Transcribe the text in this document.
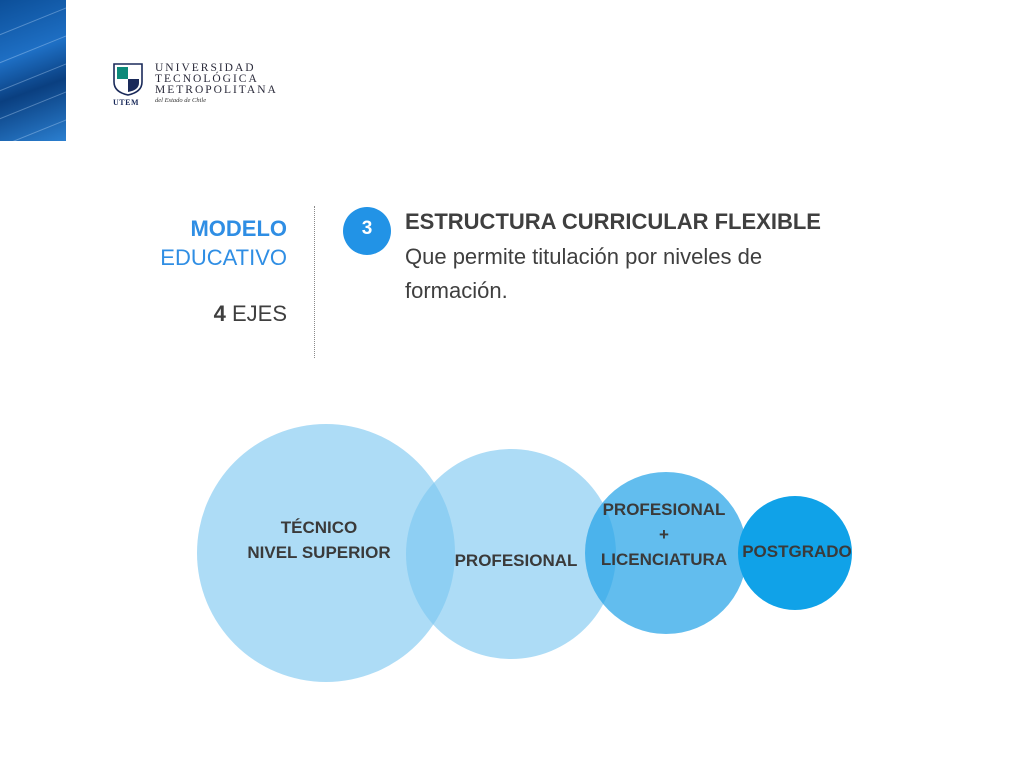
UTEM
UNIVERSIDAD
TECNOLÓGICA
METROPOLITANA
del Estado de Chile
MODELO
EDUCATIVO
4 EJES
3	ESTRUCTURA CURRICULAR FLEXIBLE
Que permite titulación por niveles de formación.
TÉCNICO
NIVEL SUPERIOR	PROFESIONAL
PROFESIONAL
+
LICENCIATURA POSTGRADO
